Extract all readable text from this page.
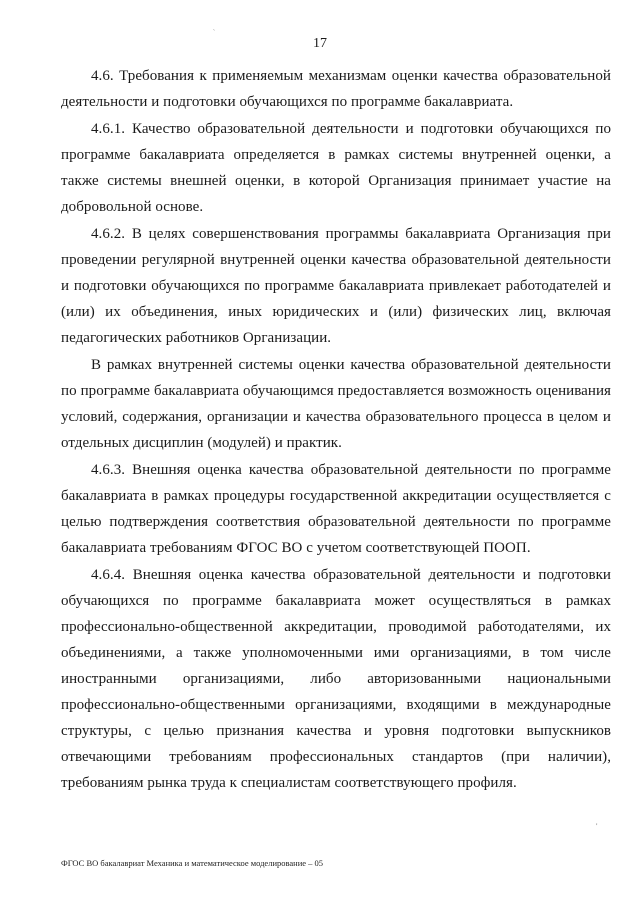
17
`
,

4.6. Требования к применяемым механизмам оценки качества образовательной деятельности и подготовки обучающихся по программе бакалавриата.

4.6.1. Качество образовательной деятельности и подготовки обучающихся по программе бакалавриата определяется в рамках системы внутренней оценки, а также системы внешней оценки, в которой Организация принимает участие на добровольной основе.

4.6.2. В целях совершенствования программы бакалавриата Организация при проведении регулярной внутренней оценки качества образовательной деятельности и подготовки обучающихся по программе бакалавриата привлекает работодателей и (или) их объединения, иных юридических и (или) физических лиц, включая педагогических работников Организации.

В рамках внутренней системы оценки качества образовательной деятельности по программе бакалавриата обучающимся предоставляется возможность оценивания условий, содержания, организации и качества образовательного процесса в целом и отдельных дисциплин (модулей) и практик.

4.6.3. Внешняя оценка качества образовательной деятельности по программе бакалавриата в рамках процедуры государственной аккредитации осуществляется с целью подтверждения соответствия образовательной деятельности по программе бакалавриата требованиям ФГОС ВО с учетом соответствующей ПООП.

4.6.4. Внешняя оценка качества образовательной деятельности и подготовки обучающихся по программе бакалавриата может осуществляться в рамках профессионально-общественной аккредитации, проводимой работодателями, их объединениями, а также уполномоченными ими организациями, в том числе иностранными организациями, либо авторизованными национальными профессионально-общественными организациями, входящими в международные структуры, с целью признания качества и уровня подготовки выпускников отвечающими требованиям профессиональных стандартов (при наличии), требованиям рынка труда к специалистам соответствующего профиля.

ФГОС ВО бакалавриат Механика и математическое моделирование – 05
